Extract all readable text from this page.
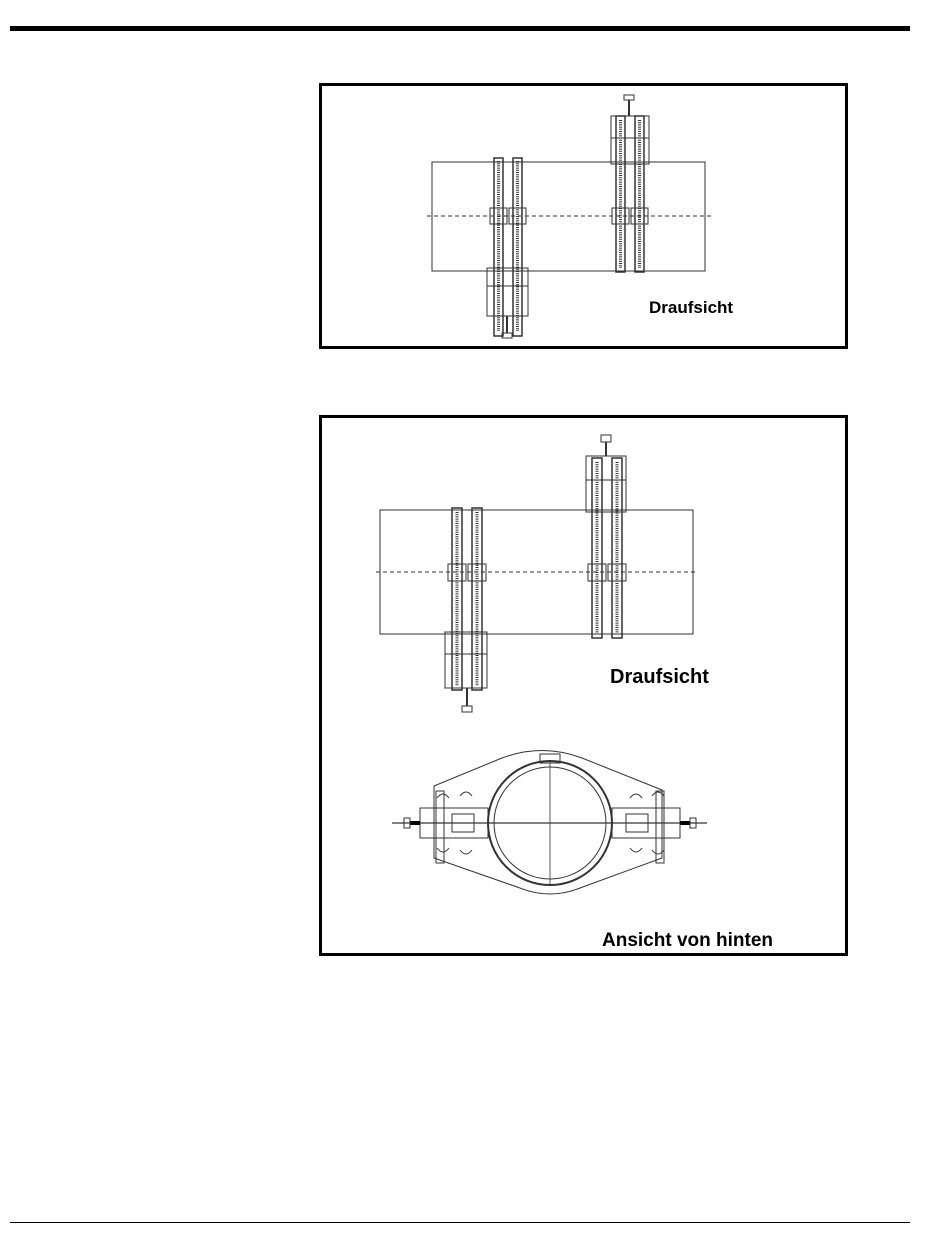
Draufsicht
Draufsicht
Ansicht von hinten
